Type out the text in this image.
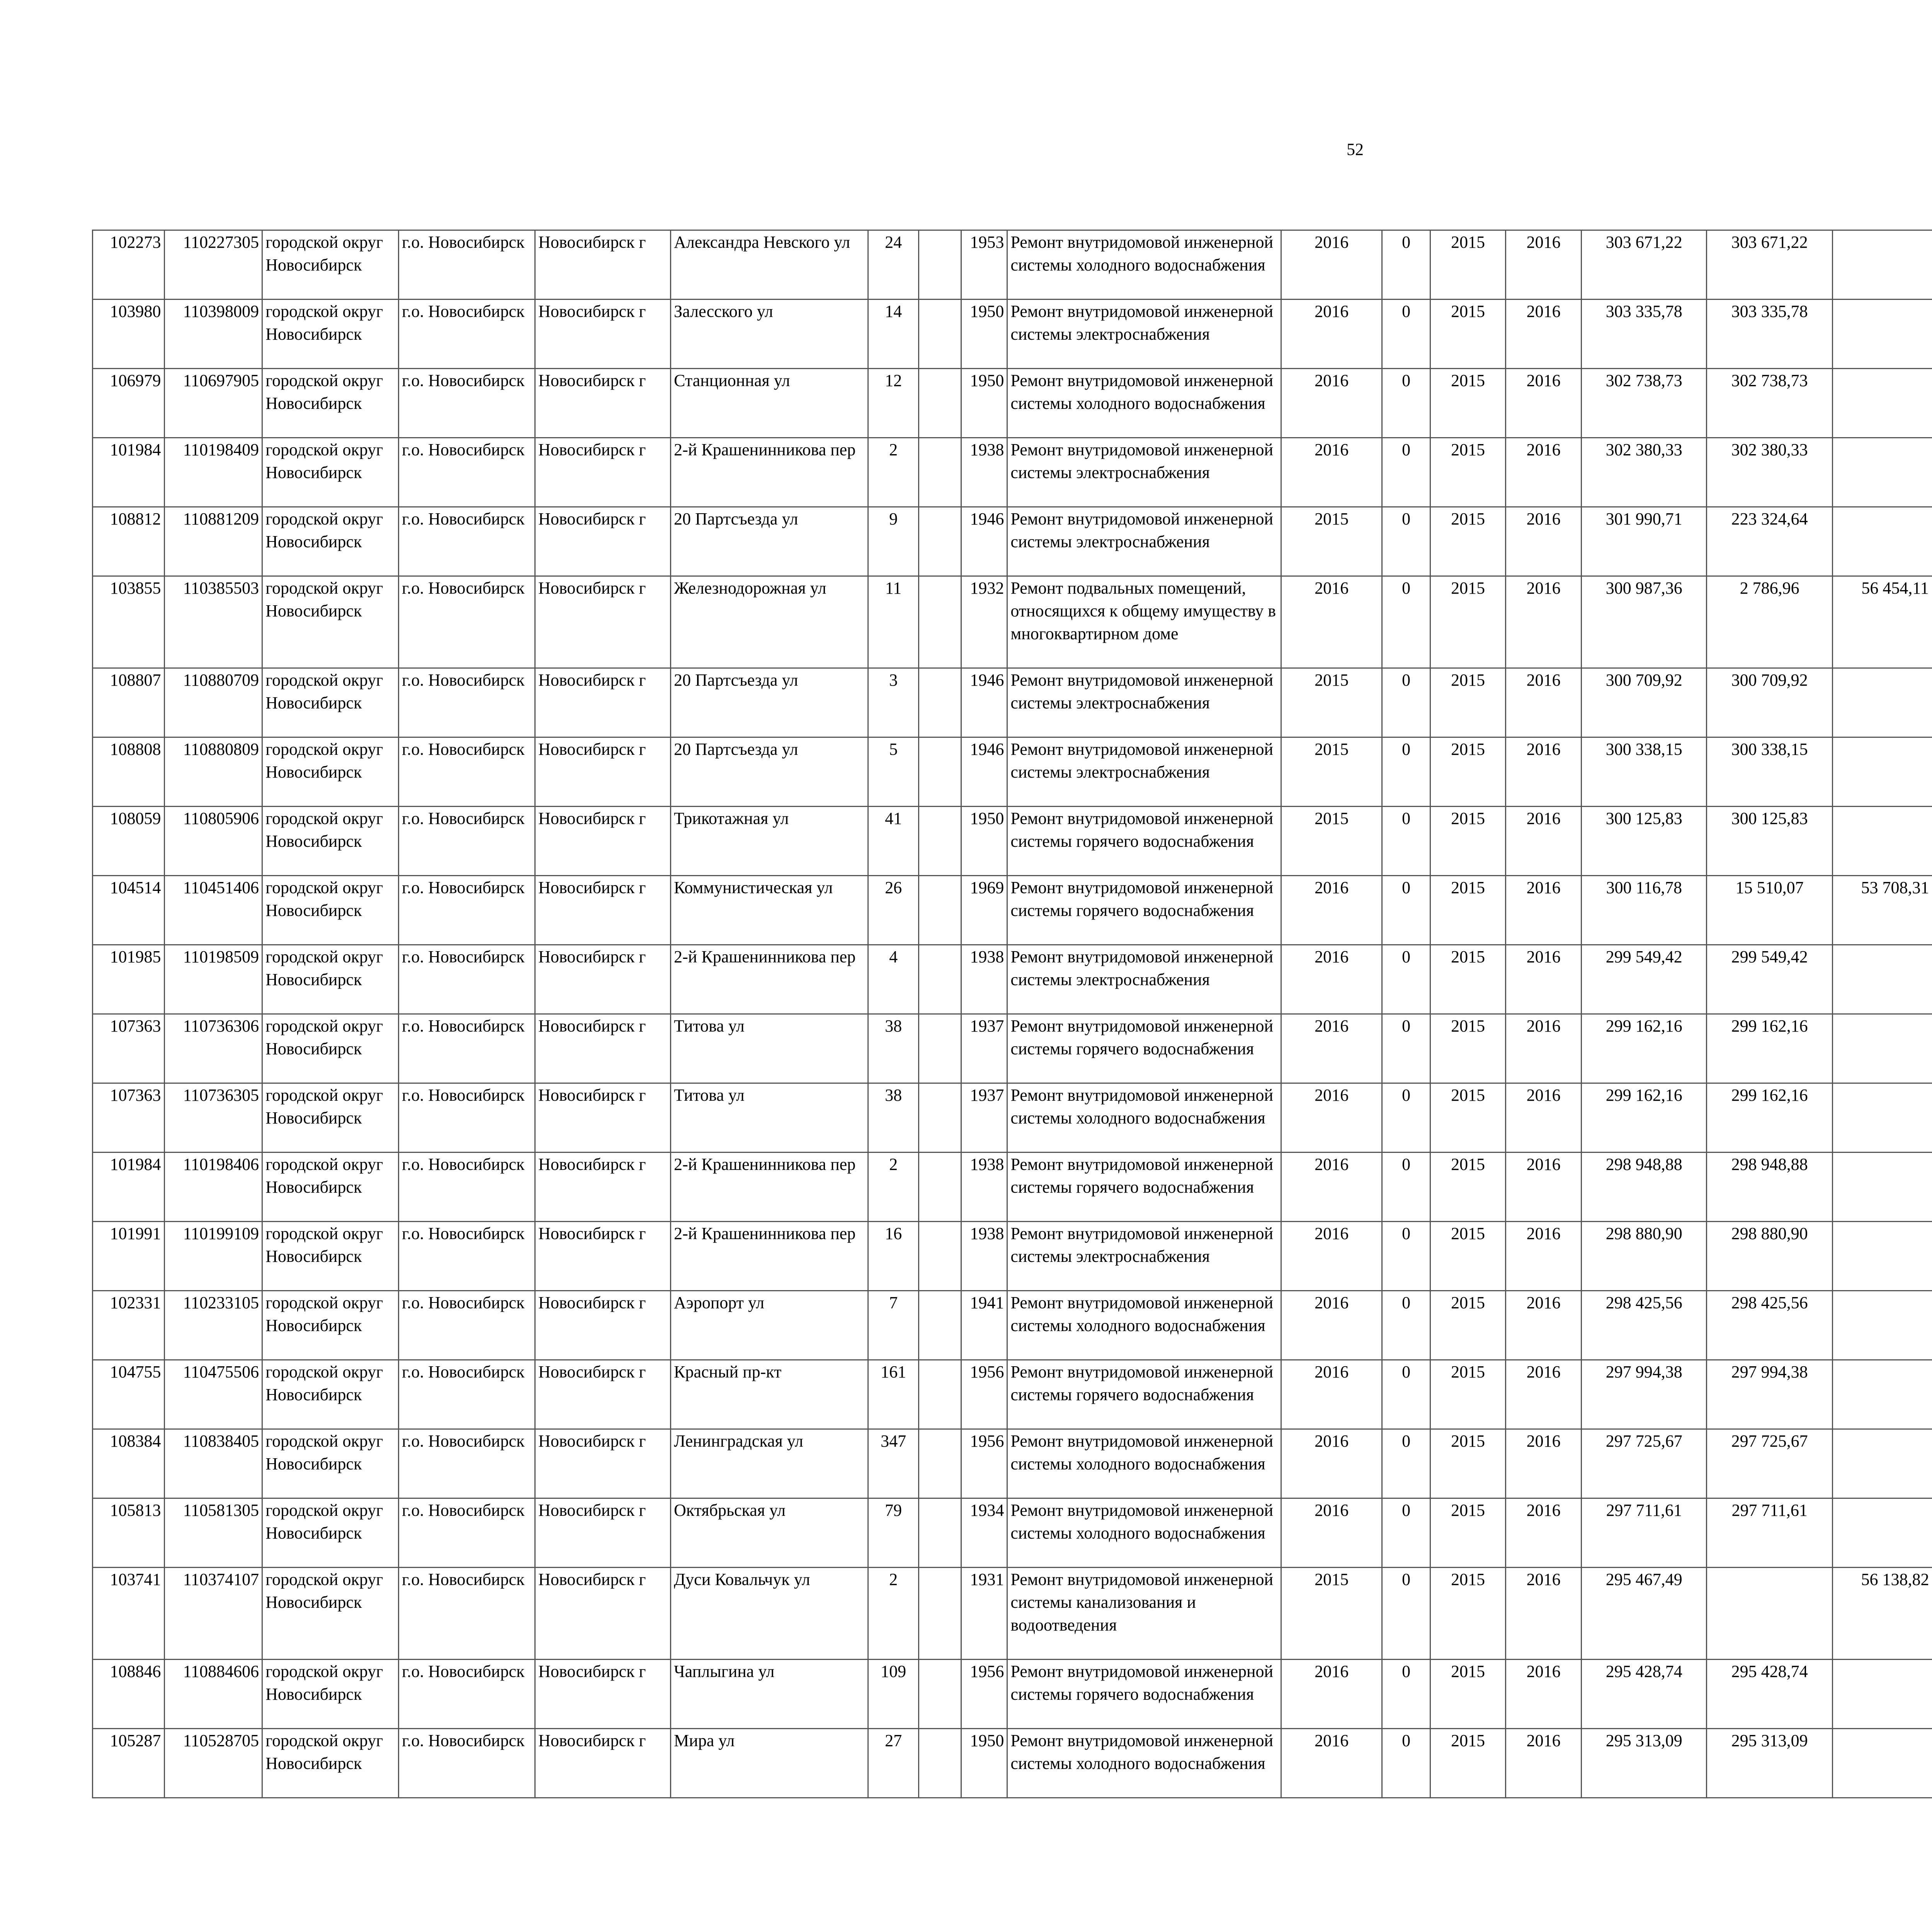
52
102273	110227305	городской округ Новосибирск	г.о. Новосибирск	Новосибирск г	Александра Невского ул	24		1953	Ремонт внутридомовой инженерной системы холодного водоснабжения	2016	0	2015	2016	303 671,22	303 671,22						
103980	110398009	городской округ Новосибирск	г.о. Новосибирск	Новосибирск г	Залесского ул	14		1950	Ремонт внутридомовой инженерной системы электроснабжения	2016	0	2015	2016	303 335,78	303 335,78						
106979	110697905	городской округ Новосибирск	г.о. Новосибирск	Новосибирск г	Станционная ул	12		1950	Ремонт внутридомовой инженерной системы холодного водоснабжения	2016	0	2015	2016	302 738,73	302 738,73						
101984	110198409	городской округ Новосибирск	г.о. Новосибирск	Новосибирск г	2-й Крашенинникова пер	2		1938	Ремонт внутридомовой инженерной системы электроснабжения	2016	0	2015	2016	302 380,33	302 380,33						
108812	110881209	городской округ Новосибирск	г.о. Новосибирск	Новосибирск г	20 Партсъезда ул	9		1946	Ремонт внутридомовой инженерной системы электроснабжения	2015	0	2015	2016	301 990,71	223 324,64						
103855	110385503	городской округ Новосибирск	г.о. Новосибирск	Новосибирск г	Железнодорожная ул	11		1932	Ремонт подвальных помещений, относящихся к общему имуществу в многоквартирном доме	2016	0	2015	2016	300 987,36	2 786,96	56 454,11					
108807	110880709	городской округ Новосибирск	г.о. Новосибирск	Новосибирск г	20 Партсъезда ул	3		1946	Ремонт внутридомовой инженерной системы электроснабжения	2015	0	2015	2016	300 709,92	300 709,92						
108808	110880809	городской округ Новосибирск	г.о. Новосибирск	Новосибирск г	20 Партсъезда ул	5		1946	Ремонт внутридомовой инженерной системы электроснабжения	2015	0	2015	2016	300 338,15	300 338,15						
108059	110805906	городской округ Новосибирск	г.о. Новосибирск	Новосибирск г	Трикотажная ул	41		1950	Ремонт внутридомовой инженерной системы горячего водоснабжения	2015	0	2015	2016	300 125,83	300 125,83						
104514	110451406	городской округ Новосибирск	г.о. Новосибирск	Новосибирск г	Коммунистическая ул	26		1969	Ремонт внутридомовой инженерной системы горячего водоснабжения	2016	0	2015	2016	300 116,78	15 510,07	53 708,31					
101985	110198509	городской округ Новосибирск	г.о. Новосибирск	Новосибирск г	2-й Крашенинникова пер	4		1938	Ремонт внутридомовой инженерной системы электроснабжения	2016	0	2015	2016	299 549,42	299 549,42						
107363	110736306	городской округ Новосибирск	г.о. Новосибирск	Новосибирск г	Титова ул	38		1937	Ремонт внутридомовой инженерной системы горячего водоснабжения	2016	0	2015	2016	299 162,16	299 162,16						
107363	110736305	городской округ Новосибирск	г.о. Новосибирск	Новосибирск г	Титова ул	38		1937	Ремонт внутридомовой инженерной системы холодного водоснабжения	2016	0	2015	2016	299 162,16	299 162,16						
101984	110198406	городской округ Новосибирск	г.о. Новосибирск	Новосибирск г	2-й Крашенинникова пер	2		1938	Ремонт внутридомовой инженерной системы горячего водоснабжения	2016	0	2015	2016	298 948,88	298 948,88						
101991	110199109	городской округ Новосибирск	г.о. Новосибирск	Новосибирск г	2-й Крашенинникова пер	16		1938	Ремонт внутридомовой инженерной системы электроснабжения	2016	0	2015	2016	298 880,90	298 880,90						
102331	110233105	городской округ Новосибирск	г.о. Новосибирск	Новосибирск г	Аэропорт ул	7		1941	Ремонт внутридомовой инженерной системы холодного водоснабжения	2016	0	2015	2016	298 425,56	298 425,56						
104755	110475506	городской округ Новосибирск	г.о. Новосибирск	Новосибирск г	Красный пр-кт	161		1956	Ремонт внутридомовой инженерной системы горячего водоснабжения	2016	0	2015	2016	297 994,38	297 994,38						
108384	110838405	городской округ Новосибирск	г.о. Новосибирск	Новосибирск г	Ленинградская ул	347		1956	Ремонт внутридомовой инженерной системы холодного водоснабжения	2016	0	2015	2016	297 725,67	297 725,67						
105813	110581305	городской округ Новосибирск	г.о. Новосибирск	Новосибирск г	Октябрьская ул	79		1934	Ремонт внутридомовой инженерной системы холодного водоснабжения	2016	0	2015	2016	297 711,61	297 711,61						
103741	110374107	городской округ Новосибирск	г.о. Новосибирск	Новосибирск г	Дуси Ковальчук ул	2		1931	Ремонт внутридомовой инженерной системы канализования и водоотведения	2015	0	2015	2016	295 467,49		56 138,82					
108846	110884606	городской округ Новосибирск	г.о. Новосибирск	Новосибирск г	Чаплыгина ул	109		1956	Ремонт внутридомовой инженерной системы горячего водоснабжения	2016	0	2015	2016	295 428,74	295 428,74						
105287	110528705	городской округ Новосибирск	г.о. Новосибирск	Новосибирск г	Мира ул	27		1950	Ремонт внутридомовой инженерной системы холодного водоснабжения	2016	0	2015	2016	295 313,09	295 313,09						
